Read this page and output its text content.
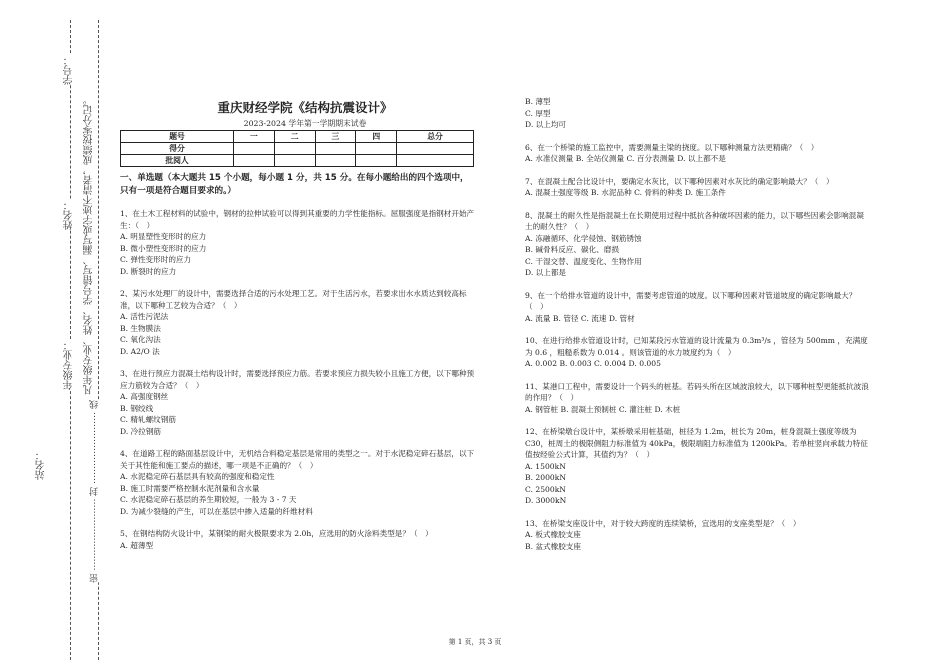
学号：
姓名：
年级专业：
站名：
凡年级专业、姓名、学号错写、漏写或字迹不清者，成绩按零分记。
密 ⋯⋯⋯⋯⋯⋯⋯⋯ 封 ⋯⋯⋯⋯⋯⋯⋯⋯ 线
重庆财经学院《结构抗震设计》
2023-2024 学年第一学期期末试卷
题号	一	二	三	四	总分
得分					
批阅人					
一、单选题（本大题共 15 个小题，每小题 1 分，共 15 分。在每小题给出的四个选项中，只有一项是符合题目要求的。）

1、在土木工程材料的试验中，钢材的拉伸试验可以得到其重要的力学性能指标。屈服强度是指钢材开始产生：（　）

A. 明显塑性变形时的应力

B. 微小塑性变形时的应力

C. 弹性变形时的应力

D. 断裂时的应力

2、某污水处理厂的设计中，需要选择合适的污水处理工艺。对于生活污水，若要求出水水质达到较高标准，以下哪种工艺较为合适？（　）

A. 活性污泥法

B. 生物膜法

C. 氧化沟法

D. A2/O 法

3、在进行预应力混凝土结构设计时，需要选择预应力筋。若要求预应力损失较小且施工方便，以下哪种预应力筋较为合适？（　）

A. 高强度钢丝

B. 钢绞线

C. 精轧螺纹钢筋

D. 冷拉钢筋

4、在道路工程的路面基层设计中，无机结合料稳定基层是常用的类型之一。对于水泥稳定碎石基层，以下关于其性能和施工要点的描述，哪一项是不正确的？（　）

A. 水泥稳定碎石基层具有较高的强度和稳定性

B. 施工时需要严格控制水泥剂量和含水量

C. 水泥稳定碎石基层的养生期较短，一般为 3 - 7 天

D. 为减少裂缝的产生，可以在基层中掺入适量的纤维材料

5、在钢结构防火设计中，某钢梁的耐火极限要求为 2.0h，应选用的防火涂料类型是？（　）

A. 超薄型

B. 薄型

C. 厚型

D. 以上均可

6、在一个桥梁的施工监控中，需要测量主梁的挠度。以下哪种测量方法更精确？（　）

A. 水准仪测量 B. 全站仪测量 C. 百分表测量 D. 以上都不是

7、在混凝土配合比设计中，要确定水灰比，以下哪种因素对水灰比的确定影响最大？（　）

A. 混凝土强度等级 B. 水泥品种 C. 骨料的种类 D. 施工条件

8、混凝土的耐久性是指混凝土在长期使用过程中抵抗各种破坏因素的能力，以下哪些因素会影响混凝土的耐久性？（　）

A. 冻融循环、化学侵蚀、钢筋锈蚀

B. 碱骨料反应、碳化、磨损

C. 干湿交替、温度变化、生物作用

D. 以上都是

9、在一个给排水管道的设计中，需要考虑管道的坡度。以下哪种因素对管道坡度的确定影响最大？（　）

A. 流量 B. 管径 C. 流速 D. 管材

10、在进行给排水管道设计时，已知某段污水管道的设计流量为 0.3m³/s ，管径为 500mm ，充满度为 0.6 ，粗糙系数为 0.014 。则该管道的水力坡度约为（　）

A. 0.002 B. 0.003 C. 0.004 D. 0.005

11、某港口工程中，需要设计一个码头的桩基。若码头所在区域波浪较大，以下哪种桩型更能抵抗波浪的作用？（　）

A. 钢管桩 B. 混凝土预制桩 C. 灌注桩 D. 木桩

12、在桥梁墩台设计中，某桥墩采用桩基础，桩径为 1.2m，桩长为 20m，桩身混凝土强度等级为 C30，桩周土的极限侧阻力标准值为 40kPa，极限端阻力标准值为 1200kPa。若单桩竖向承载力特征值按经验公式计算，其值约为？（　）

A. 1500kN

B. 2000kN

C. 2500kN

D. 3000kN

13、在桥梁支座设计中，对于较大跨度的连续梁桥，宜选用的支座类型是？（　）

A. 板式橡胶支座

B. 盆式橡胶支座

第 1 页，共 3 页
